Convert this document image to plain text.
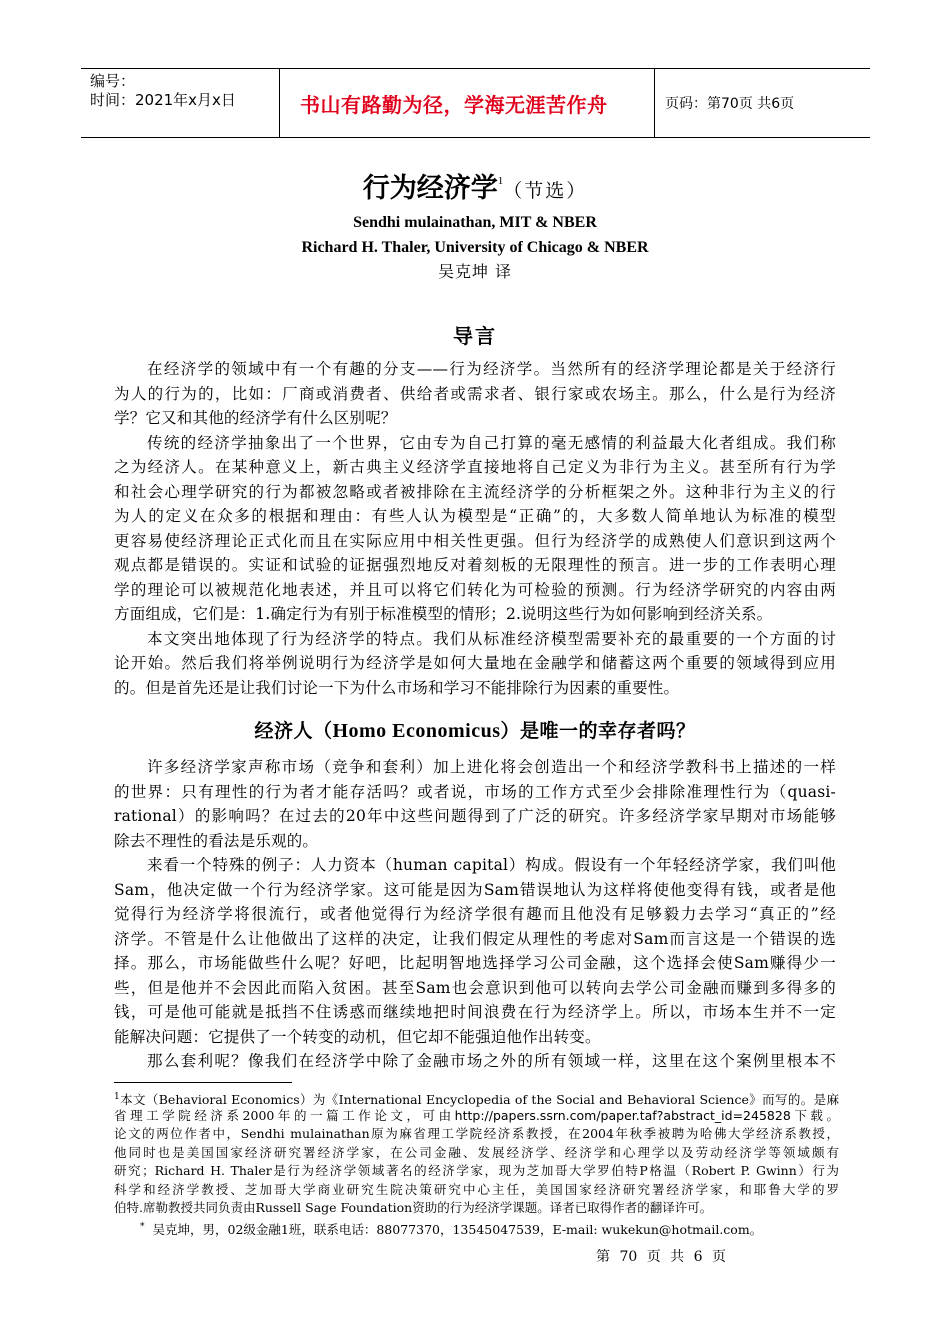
编号：
时间：2021年x月x日	书山有路勤为径，学海无涯苦作舟	页码：第70页 共6页
行为经济学$^1$（节选）
Sendhi mulainathan, MIT & NBER
Richard H. Thaler, University of Chicago & NBER
吴克坤 译
导言
在经济学的领域中有一个有趣的分支——行为经济学。当然所有的经济学理论都是关于经济行
为人的行为的，比如：厂商或消费者、供给者或需求者、银行家或农场主。那么，什么是行为经济
学？它又和其他的经济学有什么区别呢？
传统的经济学抽象出了一个世界，它由专为自己打算的毫无感情的利益最大化者组成。我们称
之为经济人。在某种意义上，新古典主义经济学直接地将自己定义为非行为主义。甚至所有行为学
和社会心理学研究的行为都被忽略或者被排除在主流经济学的分析框架之外。这种非行为主义的行
为人的定义在众多的根据和理由：有些人认为模型是“正确”的，大多数人简单地认为标准的模型
更容易使经济理论正式化而且在实际应用中相关性更强。但行为经济学的成熟使人们意识到这两个
观点都是错误的。实证和试验的证据强烈地反对着刻板的无限理性的预言。进一步的工作表明心理
学的理论可以被规范化地表述，并且可以将它们转化为可检验的预测。行为经济学研究的内容由两
方面组成，它们是：1.确定行为有别于标准模型的情形；2.说明这些行为如何影响到经济关系。
本文突出地体现了行为经济学的特点。我们从标准经济模型需要补充的最重要的一个方面的讨
论开始。然后我们将举例说明行为经济学是如何大量地在金融学和储蓄这两个重要的领域得到应用
的。但是首先还是让我们讨论一下为什么市场和学习不能排除行为因素的重要性。
经济人（Homo Economicus）是唯一的幸存者吗？
许多经济学家声称市场（竞争和套利）加上进化将会创造出一个和经济学教科书上描述的一样
的世界：只有理性的行为者才能存活吗？或者说，市场的工作方式至少会排除准理性行为（quasi-
rational）的影响吗？在过去的20年中这些问题得到了广泛的研究。许多经济学家早期对市场能够
除去不理性的看法是乐观的。
来看一个特殊的例子：人力资本（human capital）构成。假设有一个年轻经济学家，我们叫他
Sam，他决定做一个行为经济学家。这可能是因为Sam错误地认为这样将使他变得有钱，或者是他
觉得行为经济学将很流行，或者他觉得行为经济学很有趣而且他没有足够毅力去学习“真正的”经
济学。不管是什么让他做出了这样的决定，让我们假定从理性的考虑对Sam而言这是一个错误的选
择。那么，市场能做些什么呢？好吧，比起明智地选择学习公司金融，这个选择会使Sam赚得少一
些，但是他并不会因此而陷入贫困。甚至Sam也会意识到他可以转向去学公司金融而赚到多得多的
钱，可是他可能就是抵挡不住诱惑而继续地把时间浪费在行为经济学上。所以，市场本生并不一定
能解决问题：它提供了一个转变的动机，但它却不能强迫他作出转变。
那么套利呢？像我们在经济学中除了金融市场之外的所有领域一样，这里在这个案例里根本不
$^1$本文（Behavioral Economics）为《International Encyclopedia of the Social and Behavioral Science》而写的。是麻
省理工学院经济系2000年的一篇工作论文，可由http://papers.ssrn.com/paper.taf?abstract_id=245828下载。
论文的两位作者中，Sendhi mulainathan原为麻省理工学院经济系教授，在2004年秋季被聘为哈佛大学经济系教授，
他同时也是美国国家经济研究署经济学家，在公司金融、发展经济学、经济学和心理学以及劳动经济学等领域颇有
研究；Richard H. Thaler是行为经济学领域著名的经济学家，现为芝加哥大学罗伯特P格温（Robert P. Gwinn）行为
科学和经济学教授、芝加哥大学商业研究生院决策研究中心主任，美国国家经济研究署经济学家，和耶鲁大学的罗
伯特.席勒教授共同负责由Russell Sage Foundation资助的行为经济学课题。译者已取得作者的翻译许可。
* 吴克坤，男，02级金融1班，联系电话：88077370，13545047539，E-mail: wukekun@hotmail.com。
第 70 页 共 6 页
